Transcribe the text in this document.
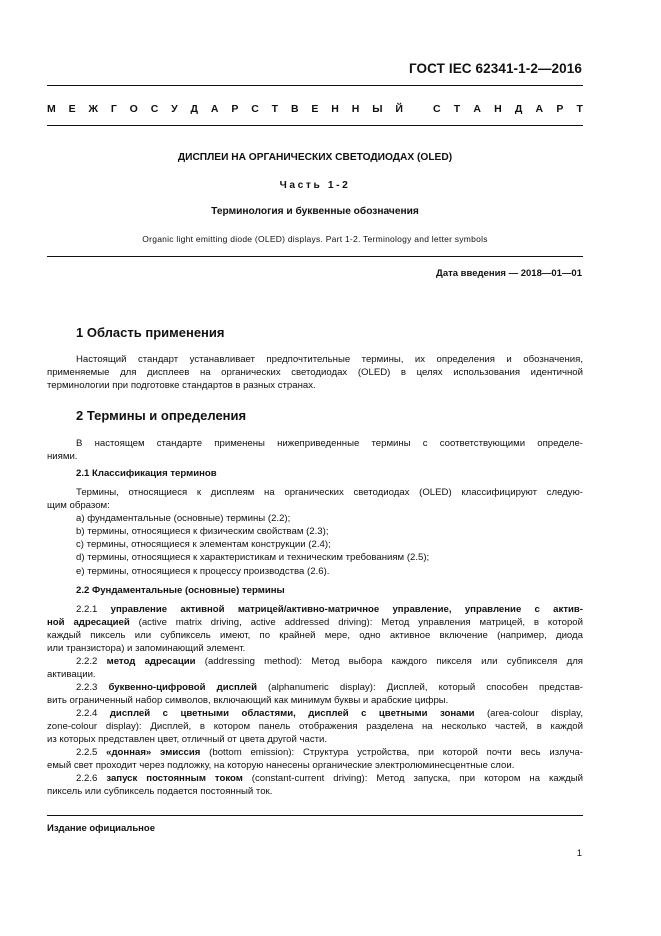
ГОСТ IEC 62341-1-2—2016
М Е Ж Г О С У Д А Р С Т В Е Н Н Ы Й	С Т А Н Д А Р Т
ДИСПЛЕИ НА ОРГАНИЧЕСКИХ СВЕТОДИОДАХ (OLED)
Часть 1-2
Терминология и буквенные обозначения
Organic light emitting diode (OLED) displays. Part 1-2. Terminology and letter symbols
Дата введения — 2018—01—01
1 Область применения
Настоящий стандарт устанавливает предпочтительные термины, их определения и обозначения,
применяемые для дисплеев на органических светодиодах (OLED) в целях использования идентичной
терминологии при подготовке стандартов в разных странах.
2 Термины и определения
В настоящем стандарте применены нижеприведенные термины с соответствующими определе-
ниями.
2.1 Классификация терминов
Термины, относящиеся к дисплеям на органических светодиодах (OLED) классифицируют следую-
щим образом:
a) фундаментальные (основные) термины (2.2);
b) термины, относящиеся к физическим свойствам (2.3);
c) термины, относящиеся к элементам конструкции (2.4);
d) термины, относящиеся к характеристикам и техническим требованиям (2.5);
e) термины, относящиеся к процессу производства (2.6).
2.2 Фундаментальные (основные) термины
2.2.1 управление активной матрицей/активно-матричное управление, управление с актив-
ной адресацией (active matrix driving, active addressed driving): Метод управления матрицей, в которой
каждый пиксель или субпиксель имеют, по крайней мере, одно активное включение (например, диода
или транзистора) и запоминающий элемент.
2.2.2 метод адресации (addressing method): Метод выбора каждого пикселя или субпикселя для
активации.
2.2.3 буквенно-цифровой дисплей (alphanumeric display): Дисплей, который способен представ-
вить ограниченный набор символов, включающий как минимум буквы и арабские цифры.
2.2.4 дисплей с цветными областями, дисплей с цветными зонами (area-colour display,
zone-colour display): Дисплей, в котором панель отображения разделена на несколько частей, в каждой
из которых представлен цвет, отличный от цвета другой части.
2.2.5 «донная» эмиссия (bottom emission): Структура устройства, при которой почти весь излуча-
емый свет проходит через подложку, на которую нанесены органические электролюминесцентные слои.
2.2.6 запуск постоянным током (constant-current driving): Метод запуска, при котором на каждый
пиксель или субпиксель подается постоянный ток.
Издание официальное
1
